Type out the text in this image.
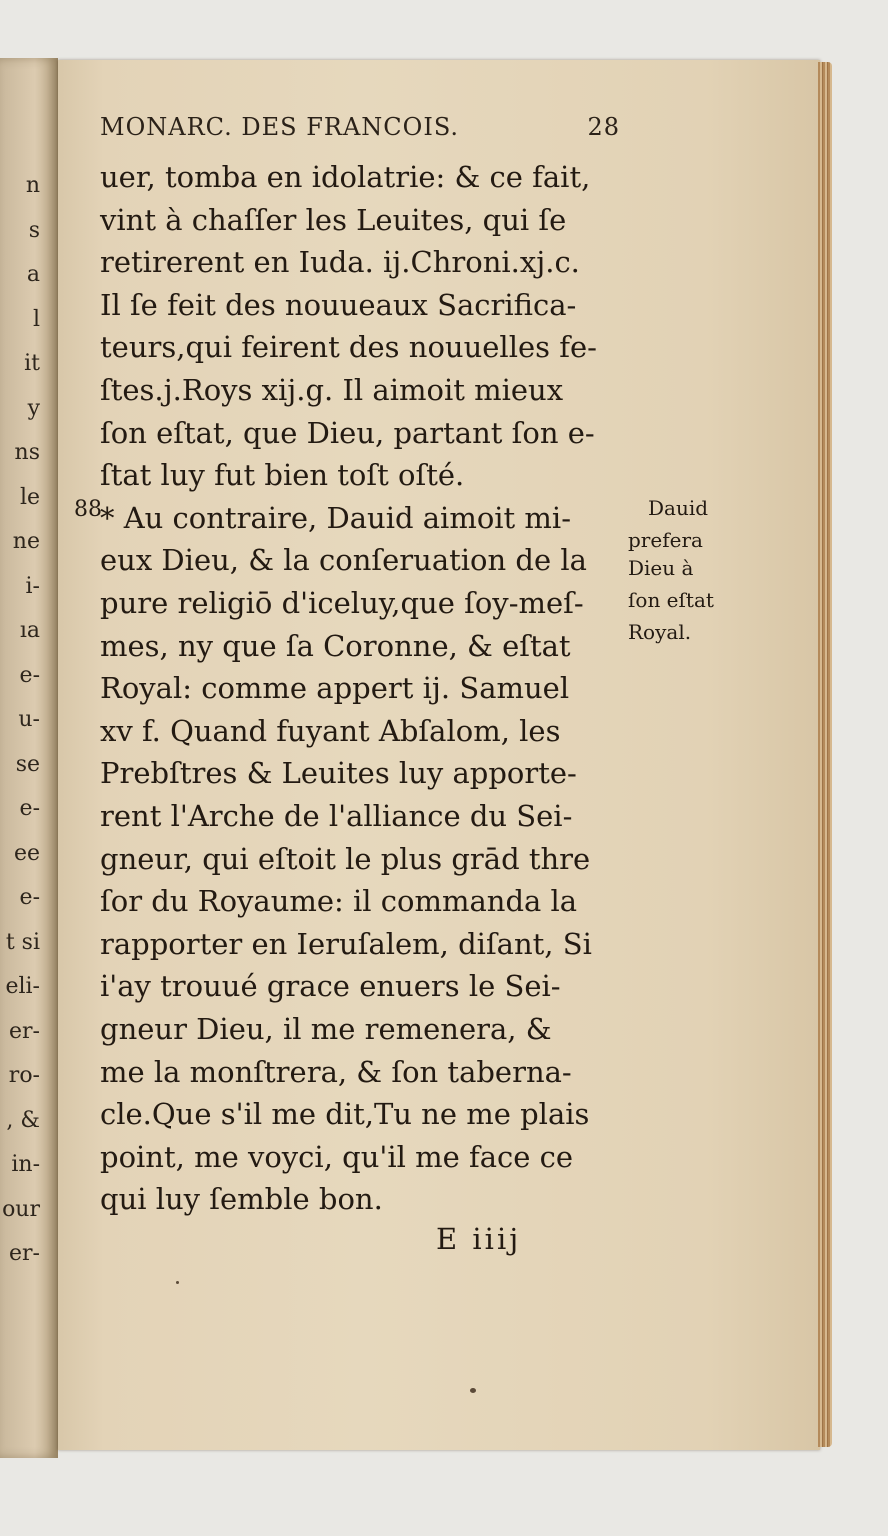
n
s
a
l
it
y
ns
le
ne
i-
ıa
e-
u-
se
e-
ee
e-
t si
eli-
er-
ro-
, &
in-
our
er-
MONARC. DES FRANCOIS.	28
uer, tomba en idolatrie: & ce fait,
vint à chaſſer les Leuites, qui ſe
retirerent en Iuda. ij.Chroni.xj.c.
Il ſe feit des nouueaux Sacrifica-
teurs,qui feirent des nouuelles fe-
ſtes.j.Roys xij.g. Il aimoit mieux
ſon eſtat, que Dieu, partant ſon e-
ſtat luy fut bien toſt oſté.
* Au contraire, Dauid aimoit mi-
eux Dieu, & la conſeruation de la
pure religiō d'iceluy,que ſoy-meſ-
mes, ny que ſa Coronne, & eſtat
Royal: comme appert ij. Samuel
xv f. Quand fuyant Abſalom, les
Prebſtres & Leuites luy apporte-
rent l'Arche de l'alliance du Sei-
gneur, qui eſtoit le plus grād thre
ſor du Royaume: il commanda la
rapporter en Ieruſalem, diſant, Si
i'ay trouué grace enuers le Sei-
gneur Dieu, il me remenera, &
me la monſtrera, & ſon taberna-
cle.Que s'il me dit,Tu ne me plais
point, me voyci, qu'il me face ce
qui luy ſemble bon.
88	Dauid
prefera
Dieu à
ſon eſtat
Royal.
E iiij
